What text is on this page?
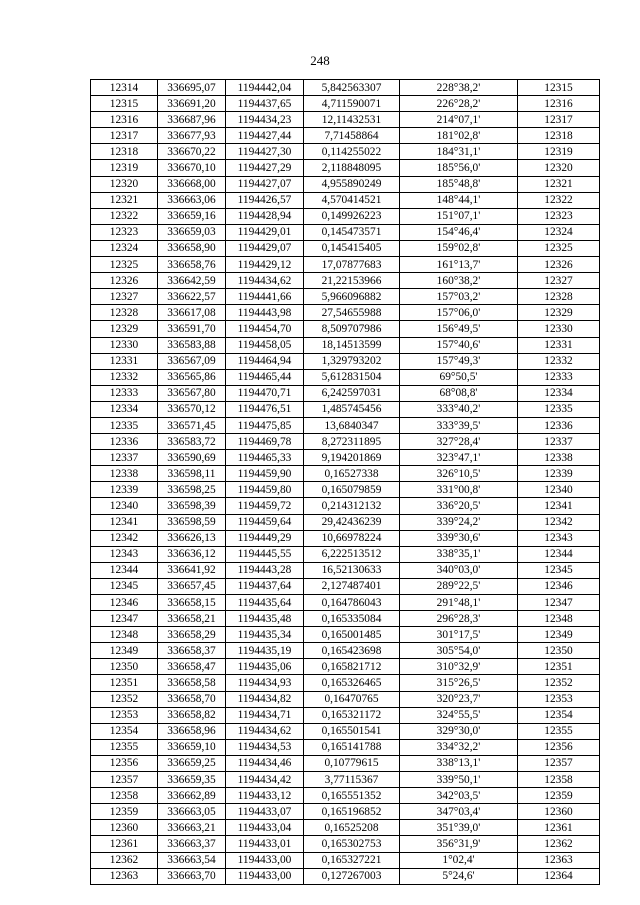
248
12314	336695,07	1194442,04	5,842563307	228°38,2'	12315
12315	336691,20	1194437,65	4,711590071	226°28,2'	12316
12316	336687,96	1194434,23	12,11432531	214°07,1'	12317
12317	336677,93	1194427,44	7,71458864	181°02,8'	12318
12318	336670,22	1194427,30	0,114255022	184°31,1'	12319
12319	336670,10	1194427,29	2,118848095	185°56,0'	12320
12320	336668,00	1194427,07	4,955890249	185°48,8'	12321
12321	336663,06	1194426,57	4,570414521	148°44,1'	12322
12322	336659,16	1194428,94	0,149926223	151°07,1'	12323
12323	336659,03	1194429,01	0,145473571	154°46,4'	12324
12324	336658,90	1194429,07	0,145415405	159°02,8'	12325
12325	336658,76	1194429,12	17,07877683	161°13,7'	12326
12326	336642,59	1194434,62	21,22153966	160°38,2'	12327
12327	336622,57	1194441,66	5,966096882	157°03,2'	12328
12328	336617,08	1194443,98	27,54655988	157°06,0'	12329
12329	336591,70	1194454,70	8,509707986	156°49,5'	12330
12330	336583,88	1194458,05	18,14513599	157°40,6'	12331
12331	336567,09	1194464,94	1,329793202	157°49,3'	12332
12332	336565,86	1194465,44	5,612831504	69°50,5'	12333
12333	336567,80	1194470,71	6,242597031	68°08,8'	12334
12334	336570,12	1194476,51	1,485745456	333°40,2'	12335
12335	336571,45	1194475,85	13,6840347	333°39,5'	12336
12336	336583,72	1194469,78	8,272311895	327°28,4'	12337
12337	336590,69	1194465,33	9,194201869	323°47,1'	12338
12338	336598,11	1194459,90	0,16527338	326°10,5'	12339
12339	336598,25	1194459,80	0,165079859	331°00,8'	12340
12340	336598,39	1194459,72	0,214312132	336°20,5'	12341
12341	336598,59	1194459,64	29,42436239	339°24,2'	12342
12342	336626,13	1194449,29	10,66978224	339°30,6'	12343
12343	336636,12	1194445,55	6,222513512	338°35,1'	12344
12344	336641,92	1194443,28	16,52130633	340°03,0'	12345
12345	336657,45	1194437,64	2,127487401	289°22,5'	12346
12346	336658,15	1194435,64	0,164786043	291°48,1'	12347
12347	336658,21	1194435,48	0,165335084	296°28,3'	12348
12348	336658,29	1194435,34	0,165001485	301°17,5'	12349
12349	336658,37	1194435,19	0,165423698	305°54,0'	12350
12350	336658,47	1194435,06	0,165821712	310°32,9'	12351
12351	336658,58	1194434,93	0,165326465	315°26,5'	12352
12352	336658,70	1194434,82	0,16470765	320°23,7'	12353
12353	336658,82	1194434,71	0,165321172	324°55,5'	12354
12354	336658,96	1194434,62	0,165501541	329°30,0'	12355
12355	336659,10	1194434,53	0,165141788	334°32,2'	12356
12356	336659,25	1194434,46	0,10779615	338°13,1'	12357
12357	336659,35	1194434,42	3,77115367	339°50,1'	12358
12358	336662,89	1194433,12	0,165551352	342°03,5'	12359
12359	336663,05	1194433,07	0,165196852	347°03,4'	12360
12360	336663,21	1194433,04	0,16525208	351°39,0'	12361
12361	336663,37	1194433,01	0,165302753	356°31,9'	12362
12362	336663,54	1194433,00	0,165327221	1°02,4'	12363
12363	336663,70	1194433,00	0,127267003	5°24,6'	12364
